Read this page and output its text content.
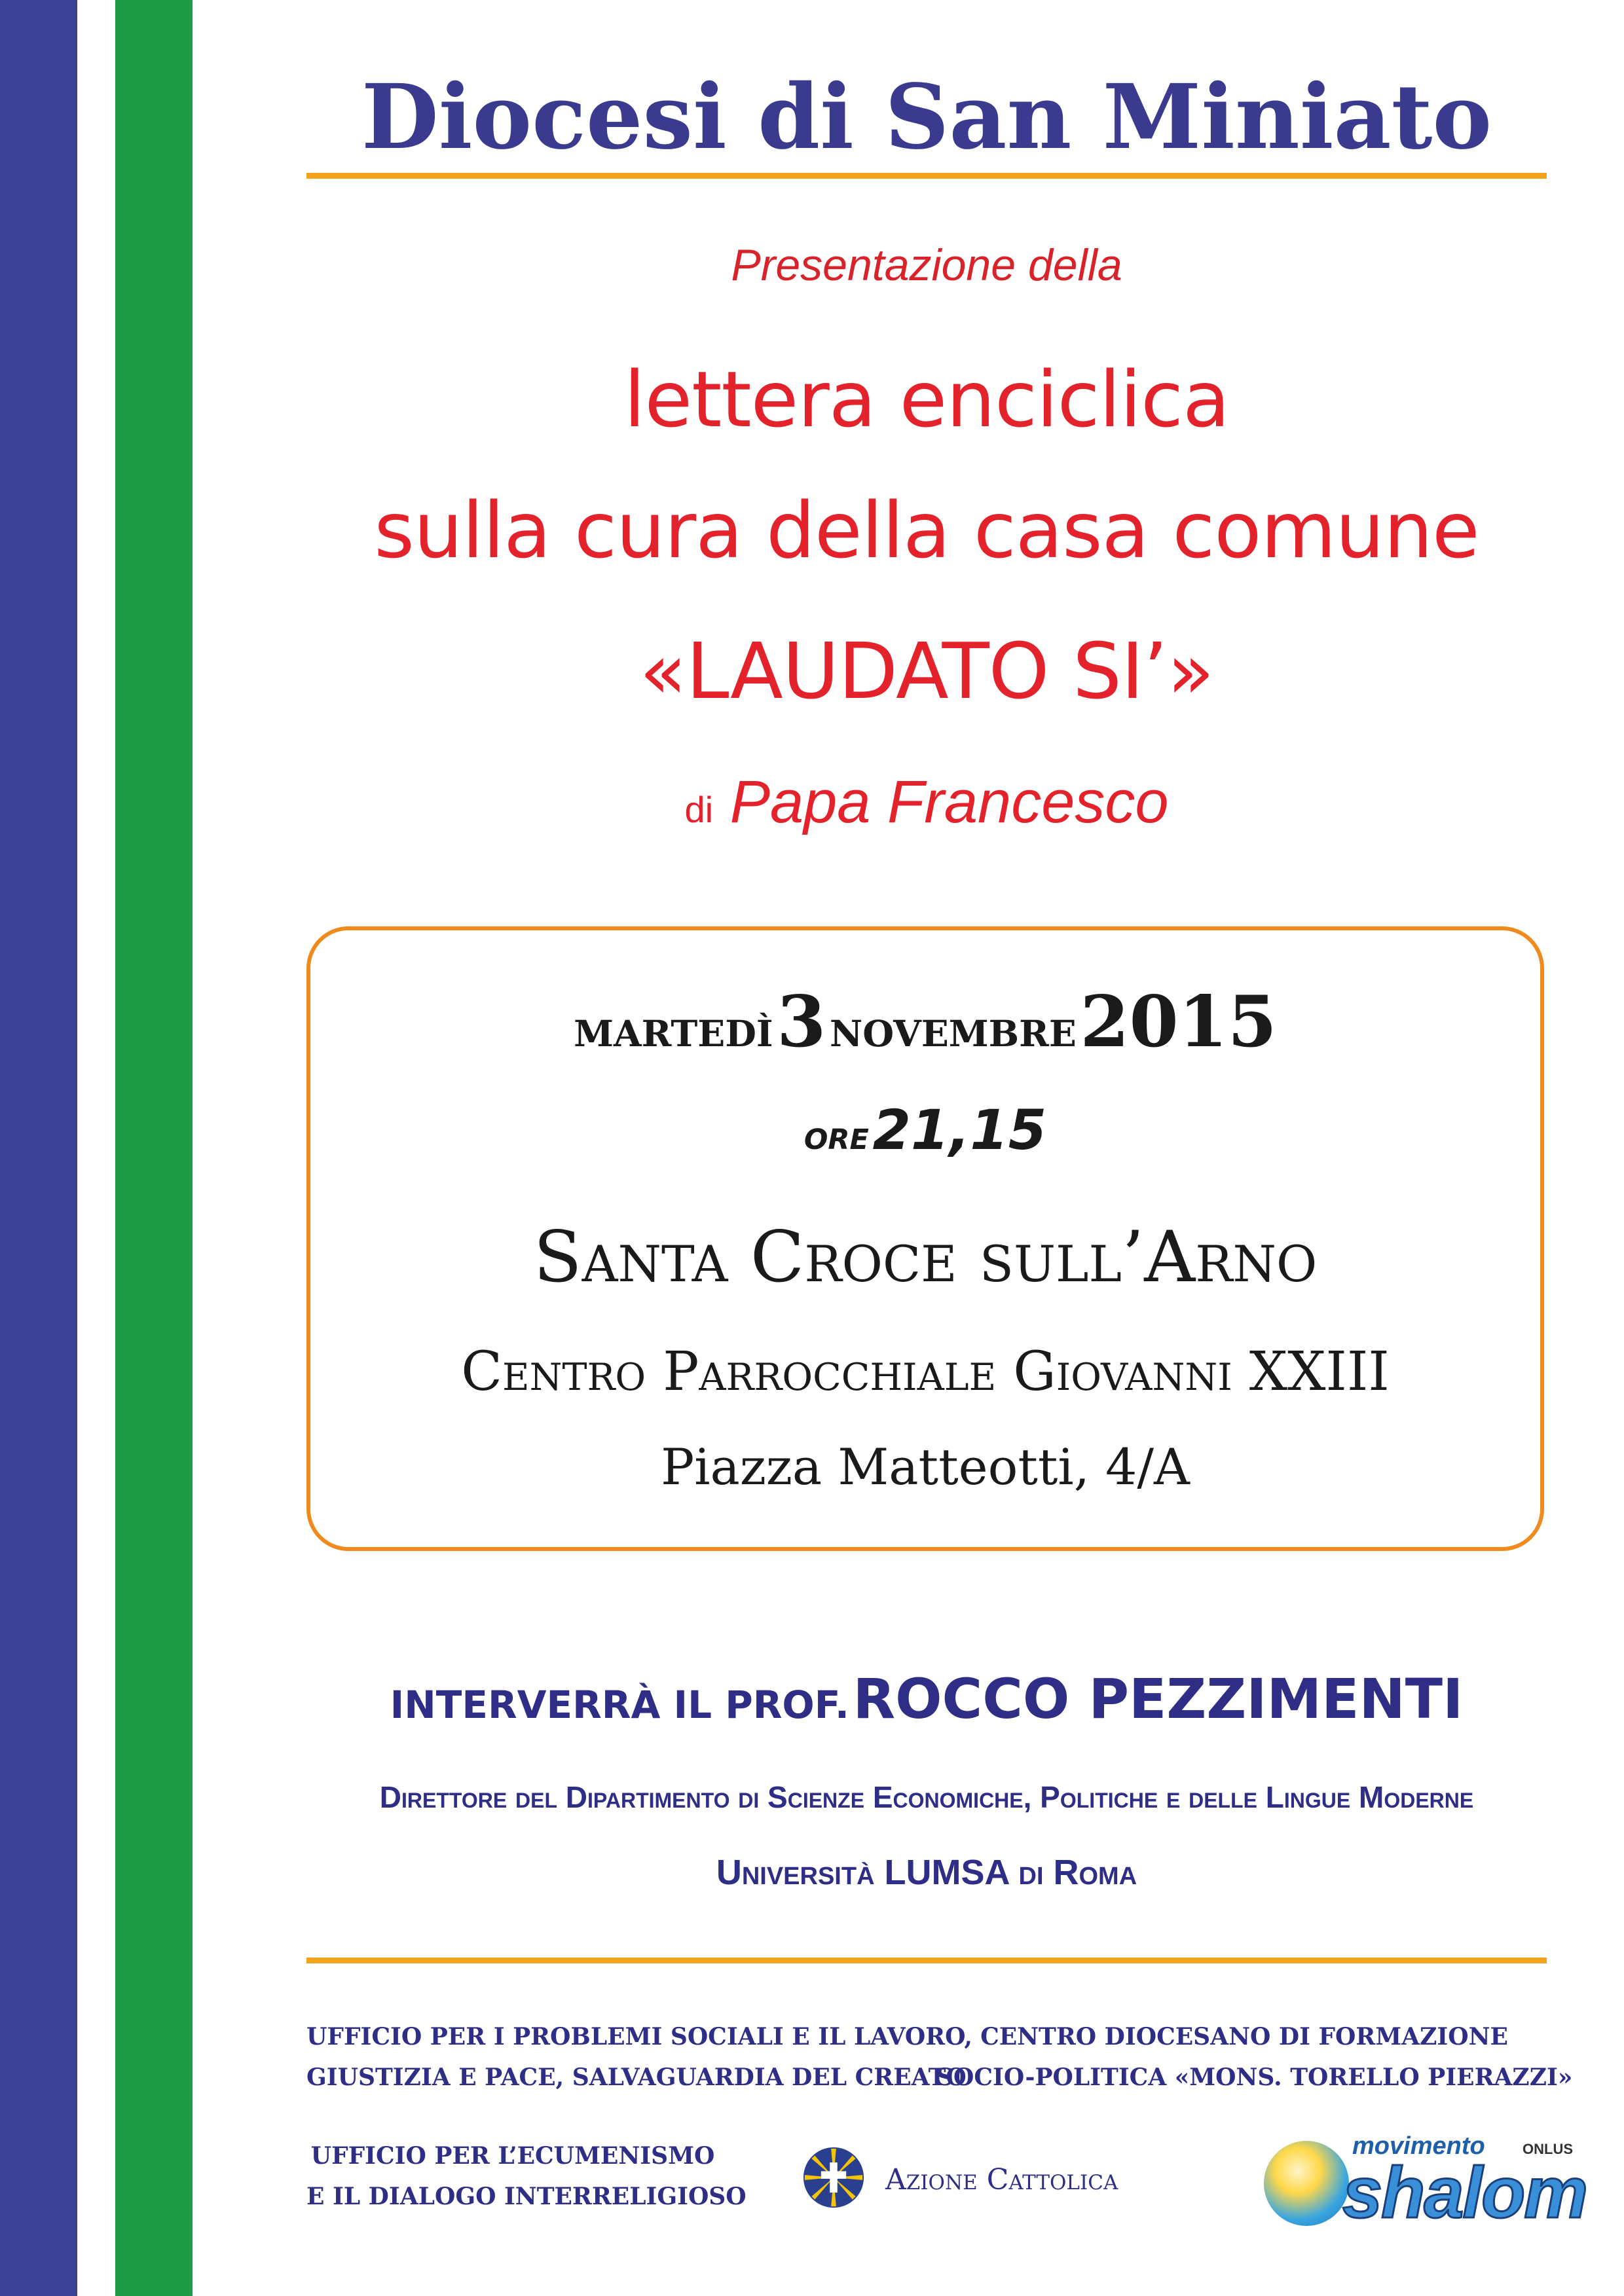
Diocesi di San Miniato
Presentazione della
lettera enciclica
sulla cura della casa comune
«LAUDATO SI’»
di Papa Francesco
martedì 3 novembre 2015
ore 21,15
Santa Croce sull’Arno
Centro Parrocchiale Giovanni XXIII
Piazza Matteotti, 4/A
INTERVERRÀ IL PROF. ROCCO PEZZIMENTI
Direttore del Dipartimento di Scienze Economiche, Politiche e delle Lingue Moderne
Università LUMSA di Roma
UFFICIO PER I PROBLEMI SOCIALI E IL LAVORO,
GIUSTIZIA E PACE, SALVAGUARDIA DEL CREATO
CENTRO DIOCESANO DI FORMAZIONE
SOCIO-POLITICA «MONS. TORELLO PIERAZZI»
UFFICIO PER L’ECUMENISMO
E IL DIALOGO INTERRELIGIOSO	Azione Cattolica
movimento
shalom
ONLUS
